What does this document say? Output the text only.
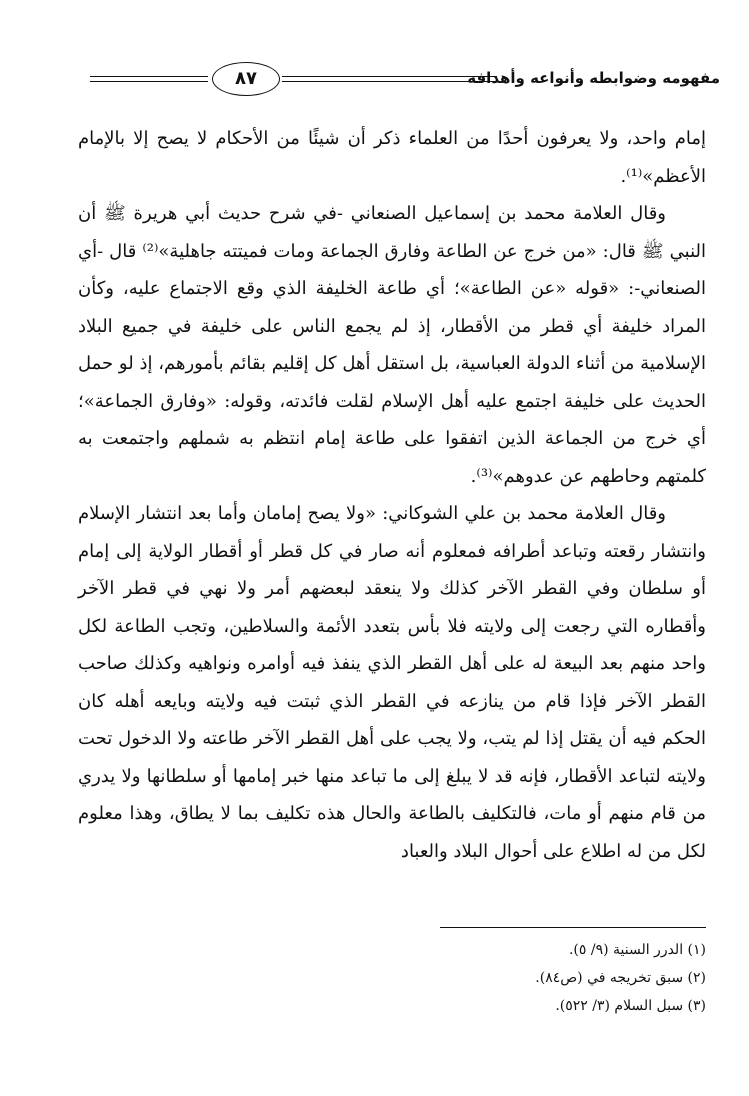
٨٧	مفهومه وضوابطه وأنواعه وأهدافه

إمام واحد، ولا يعرفون أحدًا من العلماء ذكر أن شيئًا من الأحكام لا يصح إلا بالإمام الأعظم»⁽¹⁾.

وقال العلامة محمد بن إسماعيل الصنعاني -في شرح حديث أبي هريرة ﷺ أن النبي ﷺ قال: «من خرج عن الطاعة وفارق الجماعة ومات فميتته جاهلية»⁽²⁾ قال -أي الصنعاني-: «قوله «عن الطاعة»؛ أي طاعة الخليفة الذي وقع الاجتماع عليه، وكأن المراد خليفة أي قطر من الأقطار، إذ لم يجمع الناس على خليفة في جميع البلاد الإسلامية من أثناء الدولة العباسية، بل استقل أهل كل إقليم بقائم بأمورهم، إذ لو حمل الحديث على خليفة اجتمع عليه أهل الإسلام لقلت فائدته، وقوله: «وفارق الجماعة»؛ أي خرج من الجماعة الذين اتفقوا على طاعة إمام انتظم به شملهم واجتمعت به كلمتهم وحاطهم عن عدوهم»⁽³⁾.

وقال العلامة محمد بن علي الشوكاني: «ولا يصح إمامان وأما بعد انتشار الإسلام وانتشار رقعته وتباعد أطرافه فمعلوم أنه صار في كل قطر أو أقطار الولاية إلى إمام أو سلطان وفي القطر الآخر كذلك ولا ينعقد لبعضهم أمر ولا نهي في قطر الآخر وأقطاره التي رجعت إلى ولايته فلا بأس بتعدد الأئمة والسلاطين، وتجب الطاعة لكل واحد منهم بعد البيعة له على أهل القطر الذي ينفذ فيه أوامره ونواهيه وكذلك صاحب القطر الآخر فإذا قام من ينازعه في القطر الذي ثبتت فيه ولايته وبايعه أهله كان الحكم فيه أن يقتل إذا لم يتب، ولا يجب على أهل القطر الآخر طاعته ولا الدخول تحت ولايته لتباعد الأقطار، فإنه قد لا يبلغ إلى ما تباعد منها خبر إمامها أو سلطانها ولا يدري من قام منهم أو مات، فالتكليف بالطاعة والحال هذه تكليف بما لا يطاق، وهذا معلوم لكل من له اطلاع على أحوال البلاد والعباد

(١) الدرر السنية (٩/ ٥).

(٢) سبق تخريجه في (ص٨٤).

(٣) سبل السلام (٣/ ٥٢٢).
